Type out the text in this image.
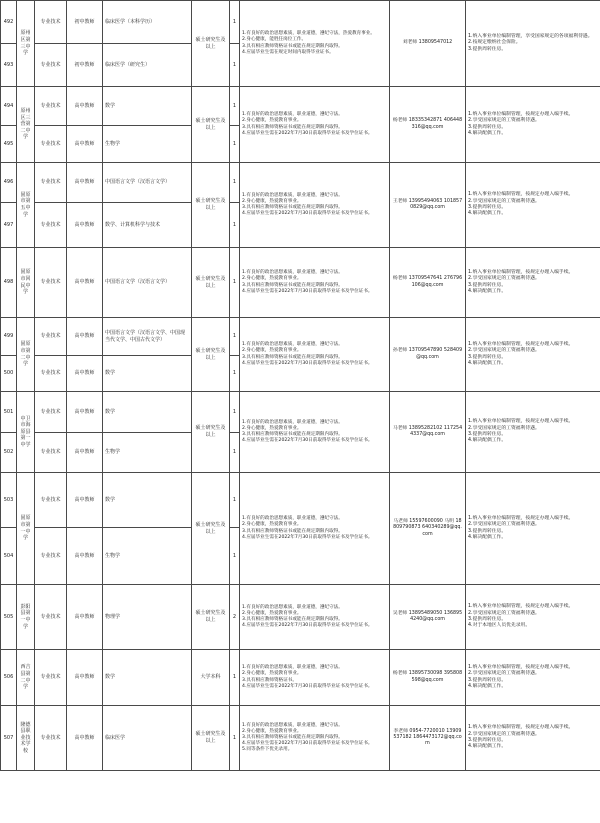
492	原州区第三中学	专业技术	初中教师	临床医学（本科学历）	硕士研究生及以上	1	1.有良好的政治思想素质，职业道德，遵纪守法，热爱教育事业。
2.身心健康，能胜任岗位工作。
3.具有相应教师资格证书或能在规定期限内取得。
4.应届毕业生需在规定时间内取得毕业证书。	刘老师 13809547012	1.纳入事业单位编制管理，享受国家规定的各项福利待遇。
2.按规定缴纳社会保险。
3.提供周转住房。

493		专业技术	初中教师	临床医学（研究生）		1			
494	原州区三营第二中学	专业技术	高中教师	数学	硕士研究生及以上	1	1.有良好的政治思想素质，职业道德，遵纪守法。
2.身心健康，热爱教育事业。
3.具有相应教师资格证书或能在规定期限内取得。
4.应届毕业生需在2022年7月30日前取得毕业证书及学位证书。	杨老师 18335342871 406448316@qq.com	1.纳入事业单位编制管理，按规定办理入编手续。
2.享受国家规定的工资福利待遇。
3.提供周转住房。
4.解决配偶工作。

495		专业技术	高中教师	生物学		1			
496	固原市第五中学	专业技术	高中教师	中国语言文学（汉语言文学）	硕士研究生及以上	1	1.有良好的政治思想素质，职业道德，遵纪守法。
2.身心健康，热爱教育事业。
3.具有相应教师资格证书或能在规定期限内取得。
4.应届毕业生需在2022年7月30日前取得毕业证书及学位证书。	王老师 13995494063 1018570829@qq.com	1.纳入事业单位编制管理，按规定办理入编手续。
2.享受国家规定的工资福利待遇。
3.提供周转住房。
4.解决配偶工作。

497		专业技术	高中教师	数学、计算机科学与技术		1			
498	固原市回民中学	专业技术	高中教师	中国语言文学（汉语言文学）	硕士研究生及以上	1	1.有良好的政治思想素质，职业道德，遵纪守法。
2.身心健康，热爱教育事业。
3.具有相应教师资格证书或能在规定期限内取得。
4.应届毕业生需在2022年7月30日前取得毕业证书及学位证书。	杨老师 13709547641 276796106@qq.com	1.纳入事业单位编制管理，按规定办理入编手续。
2.享受国家规定的工资福利待遇。
3.提供周转住房。
4.解决配偶工作。

499	固原市第二中学	专业技术	高中教师	中国语言文学（汉语言文学、中国现当代文学、中国古代文学）	硕士研究生及以上	1	1.有良好的政治思想素质，职业道德，遵纪守法。
2.身心健康，热爱教育事业。
3.具有相应教师资格证书或能在规定期限内取得。
4.应届毕业生需在2022年7月30日前取得毕业证书及学位证书。	孙老师 13709547890 528409@qq.com	1.纳入事业单位编制管理，按规定办理入编手续。
2.享受国家规定的工资福利待遇。
3.提供周转住房。
4.解决配偶工作。

500		专业技术	高中教师	数学		1			
501	中卫市海原县第一中学	专业技术	高中教师	数学	硕士研究生及以上	1	1.有良好的政治思想素质，职业道德，遵纪守法。
2.身心健康，热爱教育事业。
3.具有相应教师资格证书或能在规定期限内取得。
4.应届毕业生需在2022年7月30日前取得毕业证书及学位证书。	马老师 13895282102 1172544337@qq.com	1.纳入事业单位编制管理，按规定办理入编手续。
2.享受国家规定的工资福利待遇。
3.提供周转住房。
4.解决配偶工作。

502		专业技术	高中教师	生物学		1			
503	固原市第一中学	专业技术	高中教师	数学	硕士研究生及以上	1	1.有良好的政治思想素质，职业道德，遵纪守法。
2.身心健康，热爱教育事业。
3.具有相应教师资格证书或能在规定期限内取得。
4.应届毕业生需在2022年7月30日前取得毕业证书及学位证书。	马老师 15597600090 马明 18809790873 640340289@qq.com	1.纳入事业单位编制管理，按规定办理入编手续。
2.享受国家规定的工资福利待遇。
3.提供周转住房。
4.解决配偶工作。

504		专业技术	高中教师	生物学		1			
505	彭阳县第一中学	专业技术	高中教师	物理学	硕士研究生及以上	2	1.有良好的政治思想素质，职业道德，遵纪守法。
2.身心健康，热爱教育事业。
3.具有相应教师资格证书或能在规定期限内取得。
4.应届毕业生需在2022年7月30日前取得毕业证书及学位证书。	吴老师 13895489050 1368954240@qq.com	1.纳入事业单位编制管理，按规定办理入编手续。
2.享受国家规定的工资福利待遇。
3.提供周转住房。
4.对于本地区人员优先录用。

506	西吉县第二中学	专业技术	高中教师	数学	大学本科	1	1.有良好的政治思想素质，职业道德，遵纪守法。
2.身心健康，热爱教育事业。
3.具有相应教师资格证书。
4.应届毕业生需在2022年7月30日前取得毕业证书及学位证书。	杨老师 13895730098 395808598@qq.com	1.纳入事业单位编制管理，按规定办理入编手续。
2.享受国家规定的工资福利待遇。
3.提供周转住房。
4.解决配偶工作。

507	隆德县职业技术学校	专业技术	高中教师	临床医学	硕士研究生及以上	1	1.有良好的政治思想素质，职业道德，遵纪守法。
2.身心健康，热爱教育事业。
3.具有相应教师资格证书或能在规定期限内取得。
4.应届毕业生需在2022年7月30日前取得毕业证书及学位证书。
5.同等条件下优先录用。	李老师 0954-7720010 13909537182 1864473172@qq.com	1.纳入事业单位编制管理，按规定办理入编手续。
2.享受国家规定的工资福利待遇。
3.提供周转住房。
4.解决配偶工作。
